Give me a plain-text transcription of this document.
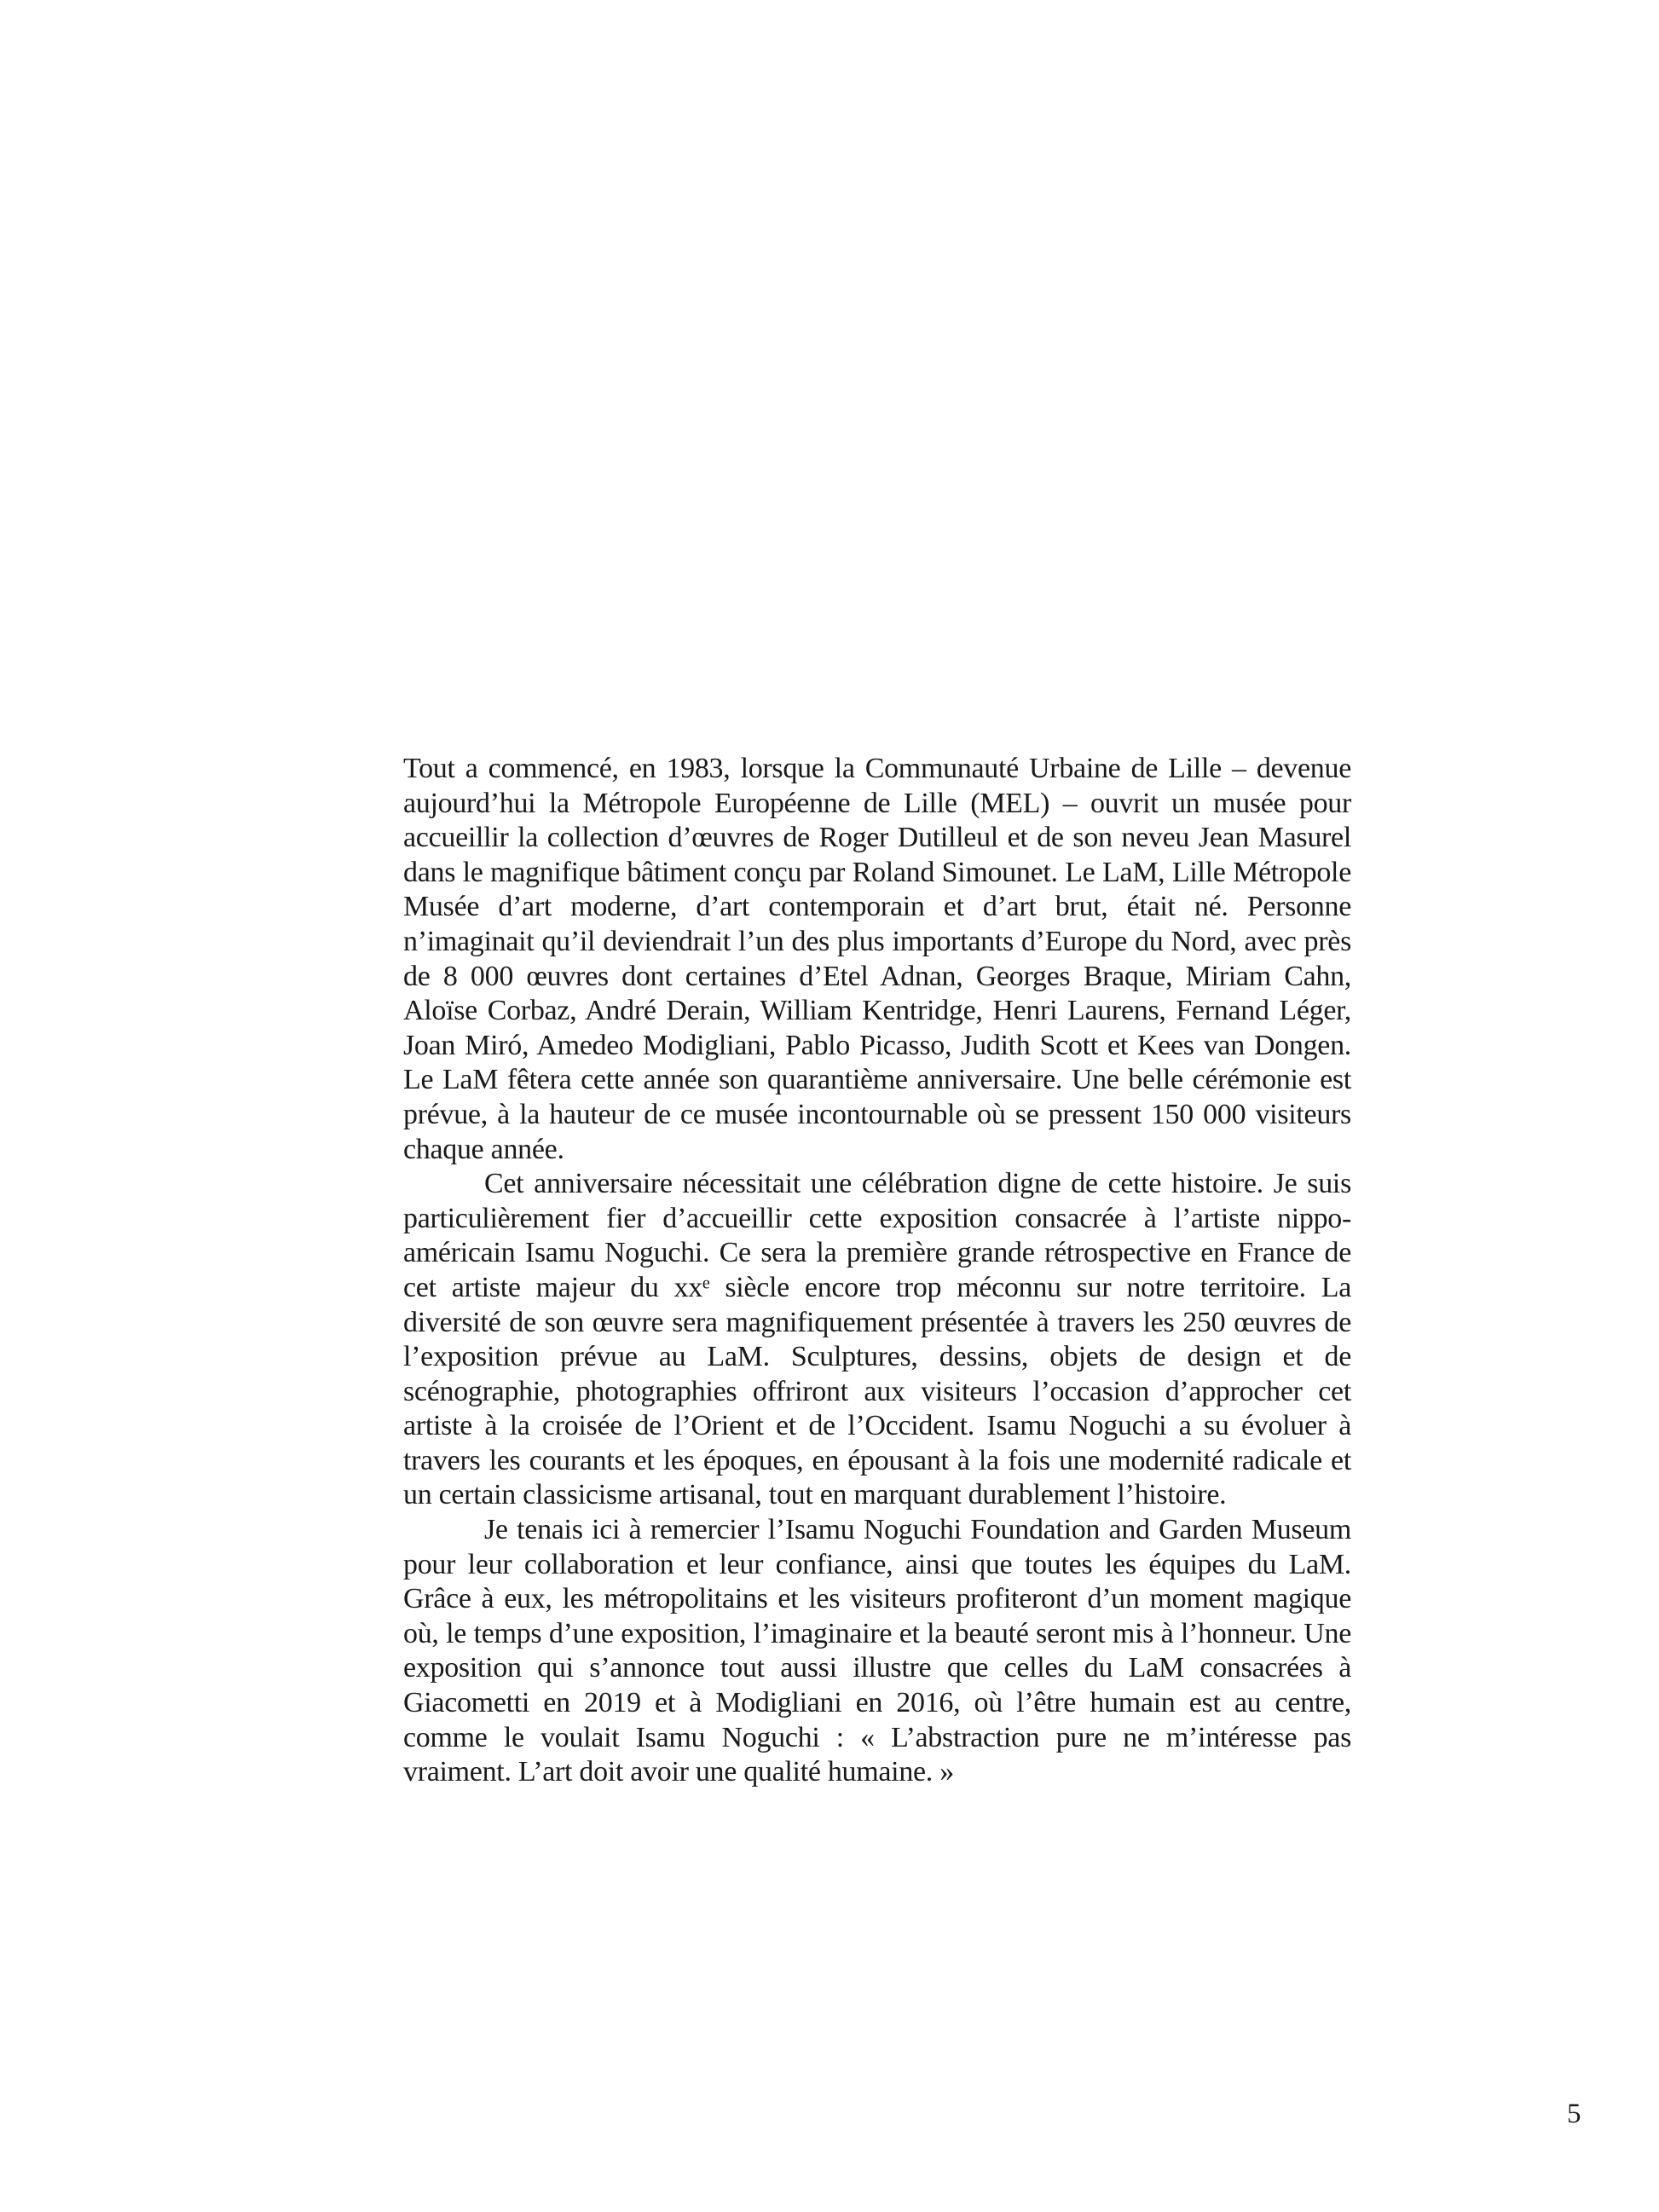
Tout a commencé, en 1983, lorsque la Communauté Urbaine de Lille – devenue aujourd’hui la Métropole Européenne de Lille (MEL) – ouvrit un musée pour accueillir la collection d’œuvres de Roger Dutilleul et de son neveu Jean Masurel dans le magnifique bâtiment conçu par Roland Simounet. Le LaM, Lille Métropole Musée d’art moderne, d’art contemporain et d’art brut, était né. Personne n’imaginait qu’il deviendrait l’un des plus importants d’Europe du Nord, avec près de 8 000 œuvres dont certaines d’Etel Adnan, Georges Braque, Miriam Cahn, Aloïse Corbaz, André Derain, William Kentridge, Henri Laurens, Fernand Léger, Joan Miró, Amedeo Modigliani, Pablo Picasso, Judith Scott et Kees van Dongen. Le LaM fêtera cette année son quarantième anniversaire. Une belle cérémonie est prévue, à la hauteur de ce musée incontournable où se pressent 150 000 visiteurs chaque année.

Cet anniversaire nécessitait une célébration digne de cette histoire. Je suis particulièrement fier d’accueillir cette exposition consacrée à l’artiste nippo-américain Isamu Noguchi. Ce sera la première grande rétrospective en France de cet artiste majeur du xxᵉ siècle encore trop méconnu sur notre territoire. La diversité de son œuvre sera magnifiquement présentée à travers les 250 œuvres de l’exposition prévue au LaM. Sculptures, dessins, objets de design et de scénographie, photographies offriront aux visiteurs l’occasion d’approcher cet artiste à la croisée de l’Orient et de l’Occident. Isamu Noguchi a su évoluer à travers les courants et les époques, en épousant à la fois une modernité radicale et un certain classicisme artisanal, tout en marquant durablement l’histoire.

Je tenais ici à remercier l’Isamu Noguchi Foundation and Garden Museum pour leur collaboration et leur confiance, ainsi que toutes les équipes du LaM. Grâce à eux, les métropolitains et les visiteurs profiteront d’un moment magique où, le temps d’une exposition, l’imaginaire et la beauté seront mis à l’honneur. Une exposition qui s’annonce tout aussi illustre que celles du LaM consacrées à Giacometti en 2019 et à Modigliani en 2016, où l’être humain est au centre, comme le voulait Isamu Noguchi : « L’abstraction pure ne m’intéresse pas vraiment. L’art doit avoir une qualité humaine. »

5
